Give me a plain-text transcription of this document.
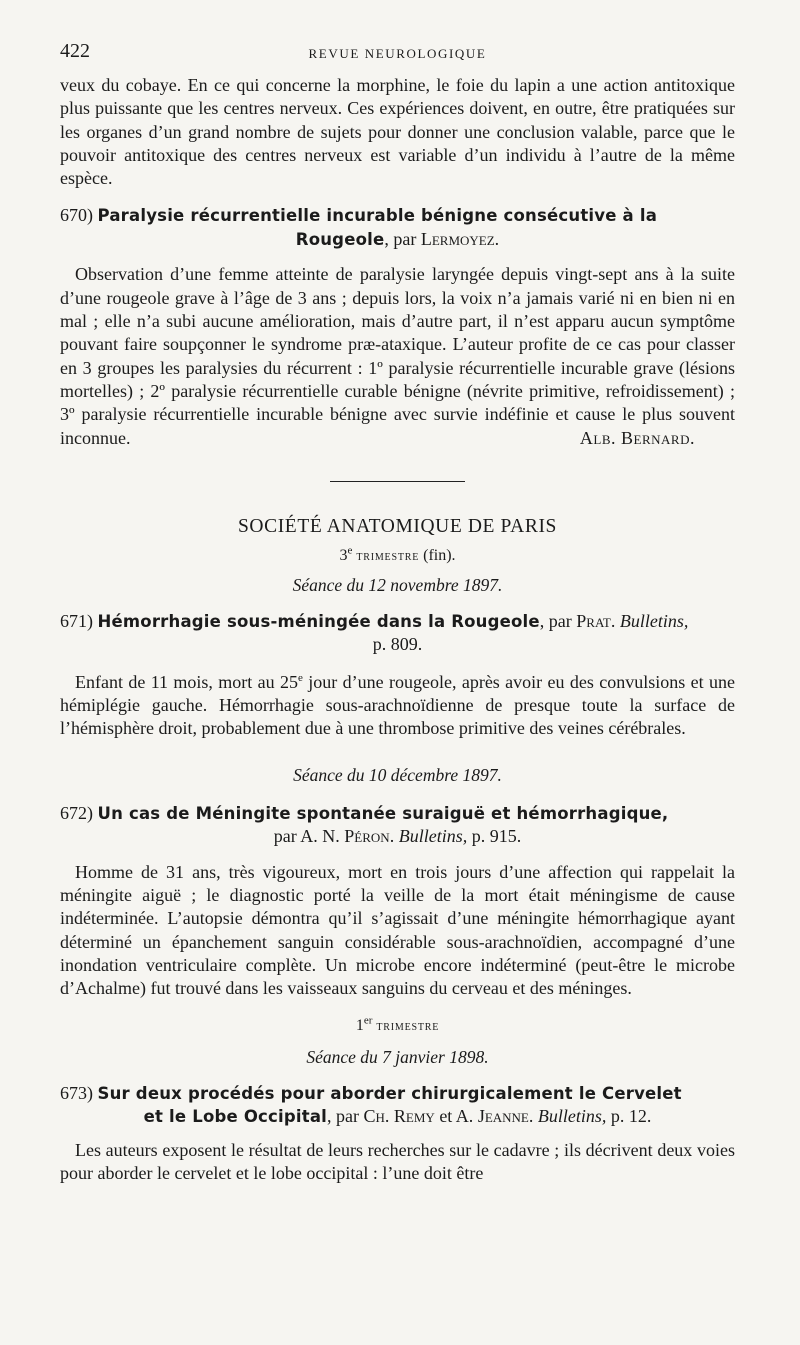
422	REVUE NEUROLOGIQUE

veux du cobaye. En ce qui concerne la morphine, le foie du lapin a une action antitoxique plus puissante que les centres nerveux. Ces expériences doivent, en outre, être pratiquées sur les organes d’un grand nombre de sujets pour donner une conclusion valable, parce que le pouvoir antitoxique des centres nerveux est variable d’un individu à l’autre de la même espèce.

670) Paralysie récurrentielle incurable bénigne consécutive à la
Rougeole, par Lermoyez.

Observation d’une femme atteinte de paralysie laryngée depuis vingt-sept ans à la suite d’une rougeole grave à l’âge de 3 ans ; depuis lors, la voix n’a jamais varié ni en bien ni en mal ; elle n’a subi aucune amélioration, mais d’autre part, il n’est apparu aucun symptôme pouvant faire soupçonner le syndrome præ-ataxique. L’auteur profite de ce cas pour classer en 3 groupes les paralysies du récurrent : 1º paralysie récurrentielle incurable grave (lésions mortelles) ; 2º paralysie récurrentielle curable bénigne (névrite primitive, refroidissement) ; 3º paralysie récurrentielle incurable bénigne avec survie indéfinie et cause le plus souvent inconnue.	Alb. Bernard.

SOCIÉTÉ ANATOMIQUE DE PARIS

3e trimestre (fin).

Séance du 12 novembre 1897.

671) Hémorrhagie sous-méningée dans la Rougeole, par Prat. Bulletins,
p. 809.

Enfant de 11 mois, mort au 25e jour d’une rougeole, après avoir eu des convulsions et une hémiplégie gauche. Hémorrhagie sous-arachnoïdienne de presque toute la surface de l’hémisphère droit, probablement due à une thrombose primitive des veines cérébrales.

Séance du 10 décembre 1897.

672) Un cas de Méningite spontanée suraiguë et hémorrhagique,
par A. N. Péron. Bulletins, p. 915.

Homme de 31 ans, très vigoureux, mort en trois jours d’une affection qui rappelait la méningite aiguë ; le diagnostic porté la veille de la mort était méningisme de cause indéterminée. L’autopsie démontra qu’il s’agissait d’une méningite hémorrhagique ayant déterminé un épanchement sanguin considérable sous-arachnoïdien, accompagné d’une inondation ventriculaire complète. Un microbe encore indéterminé (peut-être le microbe d’Achalme) fut trouvé dans les vaisseaux sanguins du cerveau et des méninges.

1er trimestre

Séance du 7 janvier 1898.

673) Sur deux procédés pour aborder chirurgicalement le Cervelet
et le Lobe Occipital, par Ch. Remy et A. Jeanne. Bulletins, p. 12.

Les auteurs exposent le résultat de leurs recherches sur le cadavre ; ils décrivent deux voies pour aborder le cervelet et le lobe occipital : l’une doit être
